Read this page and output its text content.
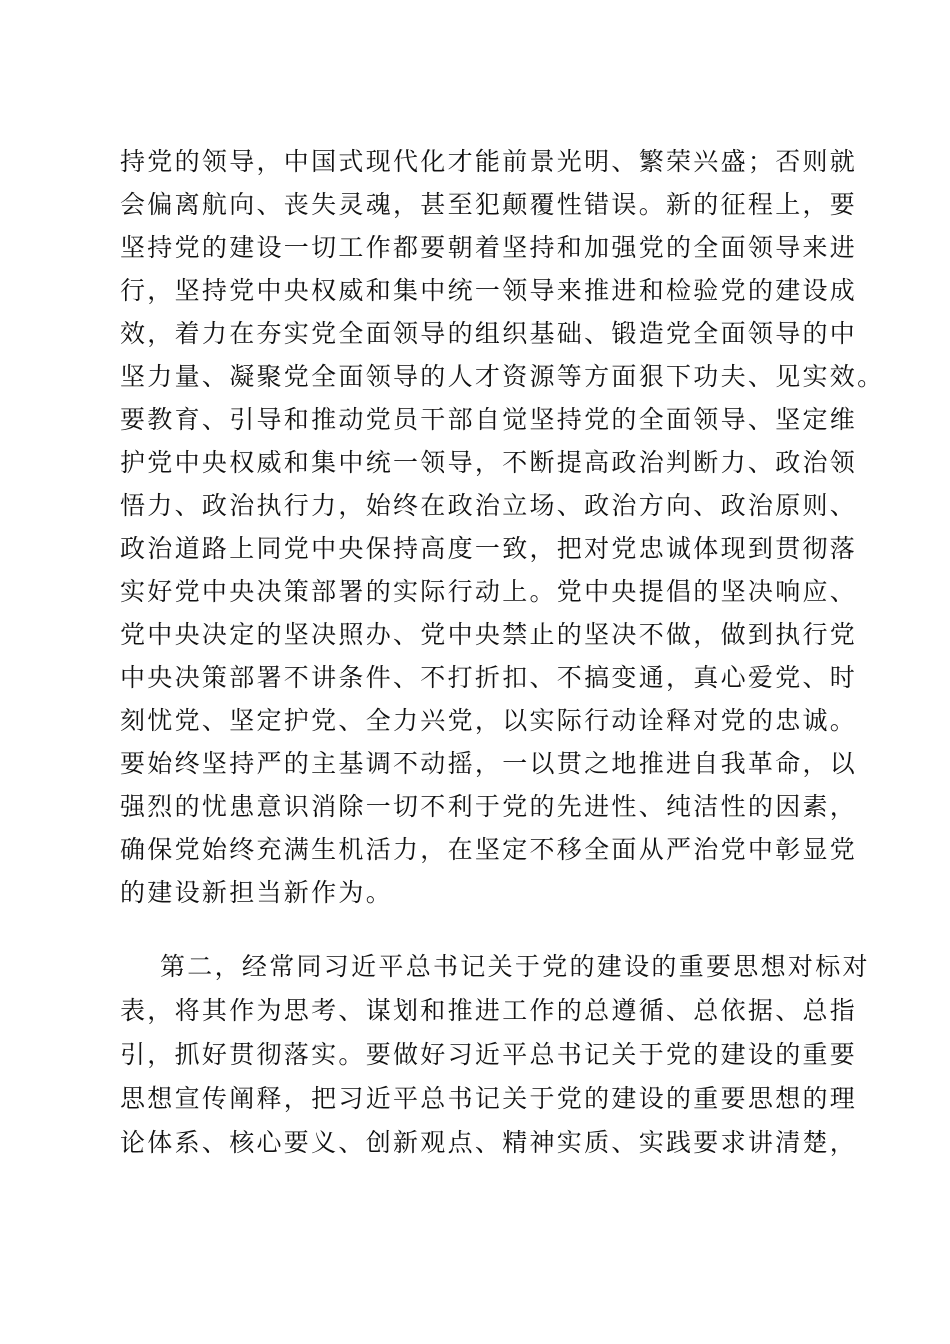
持党的领导，中国式现代化才能前景光明、繁荣兴盛；否则就
会偏离航向、丧失灵魂，甚至犯颠覆性错误。新的征程上，要
坚持党的建设一切工作都要朝着坚持和加强党的全面领导来进
行，坚持党中央权威和集中统一领导来推进和检验党的建设成
效，着力在夯实党全面领导的组织基础、锻造党全面领导的中
坚力量、凝聚党全面领导的人才资源等方面狠下功夫、见实效。
要教育、引导和推动党员干部自觉坚持党的全面领导、坚定维
护党中央权威和集中统一领导，不断提高政治判断力、政治领
悟力、政治执行力，始终在政治立场、政治方向、政治原则、
政治道路上同党中央保持高度一致，把对党忠诚体现到贯彻落
实好党中央决策部署的实际行动上。党中央提倡的坚决响应、
党中央决定的坚决照办、党中央禁止的坚决不做，做到执行党
中央决策部署不讲条件、不打折扣、不搞变通，真心爱党、时
刻忧党、坚定护党、全力兴党，以实际行动诠释对党的忠诚。
要始终坚持严的主基调不动摇，一以贯之地推进自我革命，以
强烈的忧患意识消除一切不利于党的先进性、纯洁性的因素，
确保党始终充满生机活力，在坚定不移全面从严治党中彰显党
的建设新担当新作为。
第二，经常同习近平总书记关于党的建设的重要思想对标对
表，将其作为思考、谋划和推进工作的总遵循、总依据、总指
引，抓好贯彻落实。要做好习近平总书记关于党的建设的重要
思想宣传阐释，把习近平总书记关于党的建设的重要思想的理
论体系、核心要义、创新观点、精神实质、实践要求讲清楚，
